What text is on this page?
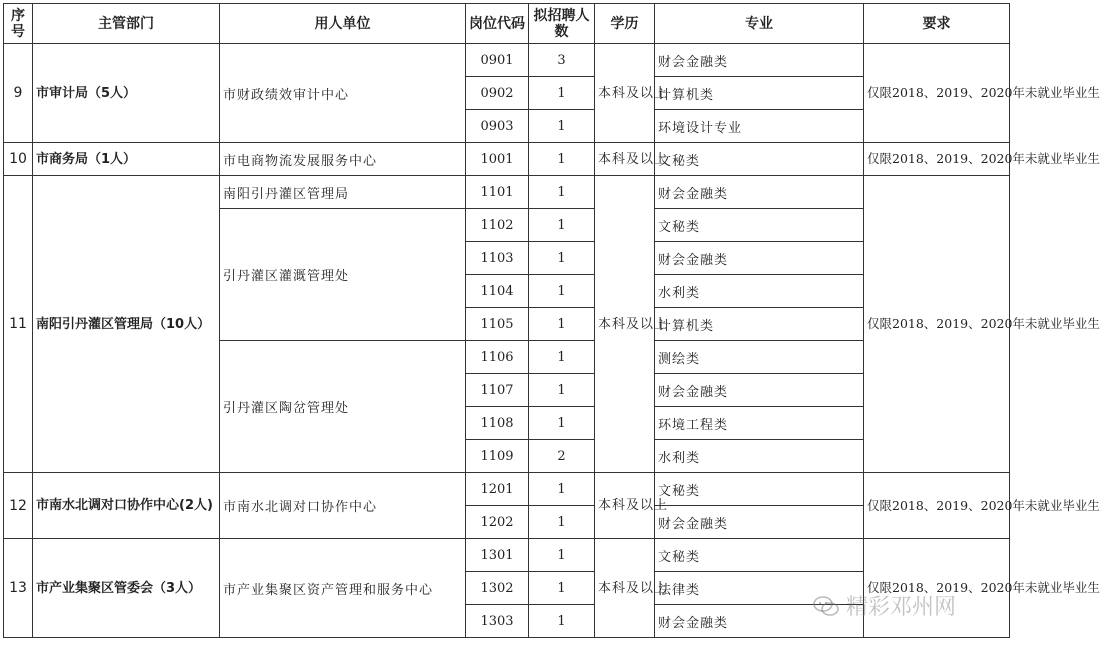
序号	主管部门	用人单位	岗位代码	拟招聘人数	学历	专业	要求
9	市审计局（5人）	市财政绩效审计中心	0901	3	本科及以上	财会金融类	仅限2018、2019、2020年未就业毕业生
			0902	1		计算机类	
			0903	1		环境设计专业	
10	市商务局（1人）	市电商物流发展服务中心	1001	1	本科及以上	文秘类	仅限2018、2019、2020年未就业毕业生
11	南阳引丹灌区管理局（10人）	南阳引丹灌区管理局	1101	1	本科及以上	财会金融类	仅限2018、2019、2020年未就业毕业生
		引丹灌区灌溉管理处	1102	1		文秘类	
			1103	1		财会金融类	
			1104	1		水利类	
			1105	1		计算机类	
		引丹灌区陶岔管理处	1106	1		测绘类	
			1107	1		财会金融类	
			1108	1		环境工程类	
			1109	2		水利类	
12	市南水北调对口协作中心(2人)	市南水北调对口协作中心	1201	1	本科及以上	文秘类	仅限2018、2019、2020年未就业毕业生
			1202	1		财会金融类	
13	市产业集聚区管委会（3人）	市产业集聚区资产管理和服务中心	1301	1	本科及以上	文秘类	仅限2018、2019、2020年未就业毕业生
			1302	1		法律类	
			1303	1		财会金融类	
精彩邓州网
